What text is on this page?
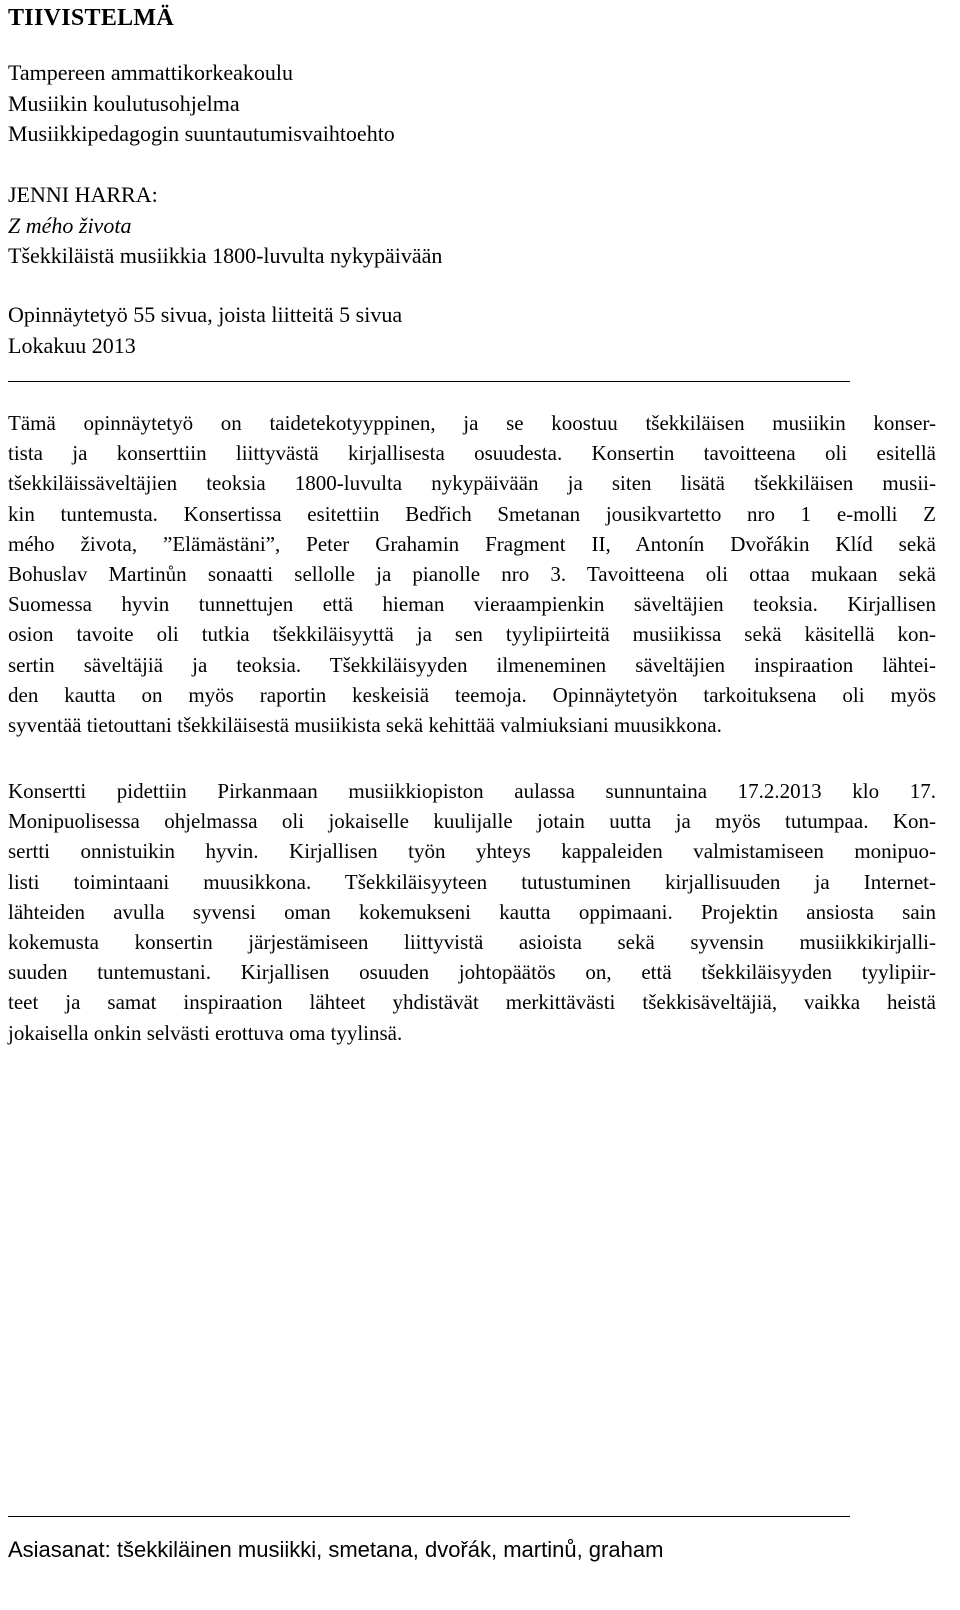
TIIVISTELMÄ
Tampereen ammattikorkeakoulu
Musiikin koulutusohjelma
Musiikkipedagogin suuntautumisvaihtoehto
JENNI HARRA:
Z mého života
Tšekkiläistä musiikkia 1800-luvulta nykypäivään
Opinnäytetyö 55 sivua, joista liitteitä 5 sivua
Lokakuu 2013
Tämä opinnäytetyö on taidetekotyyppinen, ja se koostuu tšekkiläisen musiikin konser-
tista ja konserttiin liittyvästä kirjallisesta osuudesta. Konsertin tavoitteena oli esitellä
tšekkiläissäveltäjien teoksia 1800-luvulta nykypäivään ja siten lisätä tšekkiläisen musii-
kin tuntemusta. Konsertissa esitettiin Bedřich Smetanan jousikvartetto nro 1 e-molli Z
mého života, ”Elämästäni”, Peter Grahamin Fragment II, Antonín Dvořákin Klíd sekä
Bohuslav Martinůn sonaatti sellolle ja pianolle nro 3. Tavoitteena oli ottaa mukaan sekä
Suomessa hyvin tunnettujen että hieman vieraampienkin säveltäjien teoksia. Kirjallisen
osion tavoite oli tutkia tšekkiläisyyttä ja sen tyylipiirteitä musiikissa sekä käsitellä kon-
sertin säveltäjiä ja teoksia. Tšekkiläisyyden ilmeneminen säveltäjien inspiraation lähtei-
den kautta on myös raportin keskeisiä teemoja. Opinnäytetyön tarkoituksena oli myös
syventää tietouttani tšekkiläisestä musiikista sekä kehittää valmiuksiani muusikkona.
Konsertti pidettiin Pirkanmaan musiikkiopiston aulassa sunnuntaina 17.2.2013 klo 17.
Monipuolisessa ohjelmassa oli jokaiselle kuulijalle jotain uutta ja myös tutumpaa. Kon-
sertti onnistuikin hyvin. Kirjallisen työn yhteys kappaleiden valmistamiseen monipuo-
listi toimintaani muusikkona. Tšekkiläisyyteen tutustuminen kirjallisuuden ja Internet-
lähteiden avulla syvensi oman kokemukseni kautta oppimaani. Projektin ansiosta sain
kokemusta konsertin järjestämiseen liittyvistä asioista sekä syvensin musiikkikirjalli-
suuden tuntemustani. Kirjallisen osuuden johtopäätös on, että tšekkiläisyyden tyylipiir-
teet ja samat inspiraation lähteet yhdistävät merkittävästi tšekkisäveltäjiä, vaikka heistä
jokaisella onkin selvästi erottuva oma tyylinsä.
Asiasanat: tšekkiläinen musiikki, smetana, dvořák, martinů, graham
